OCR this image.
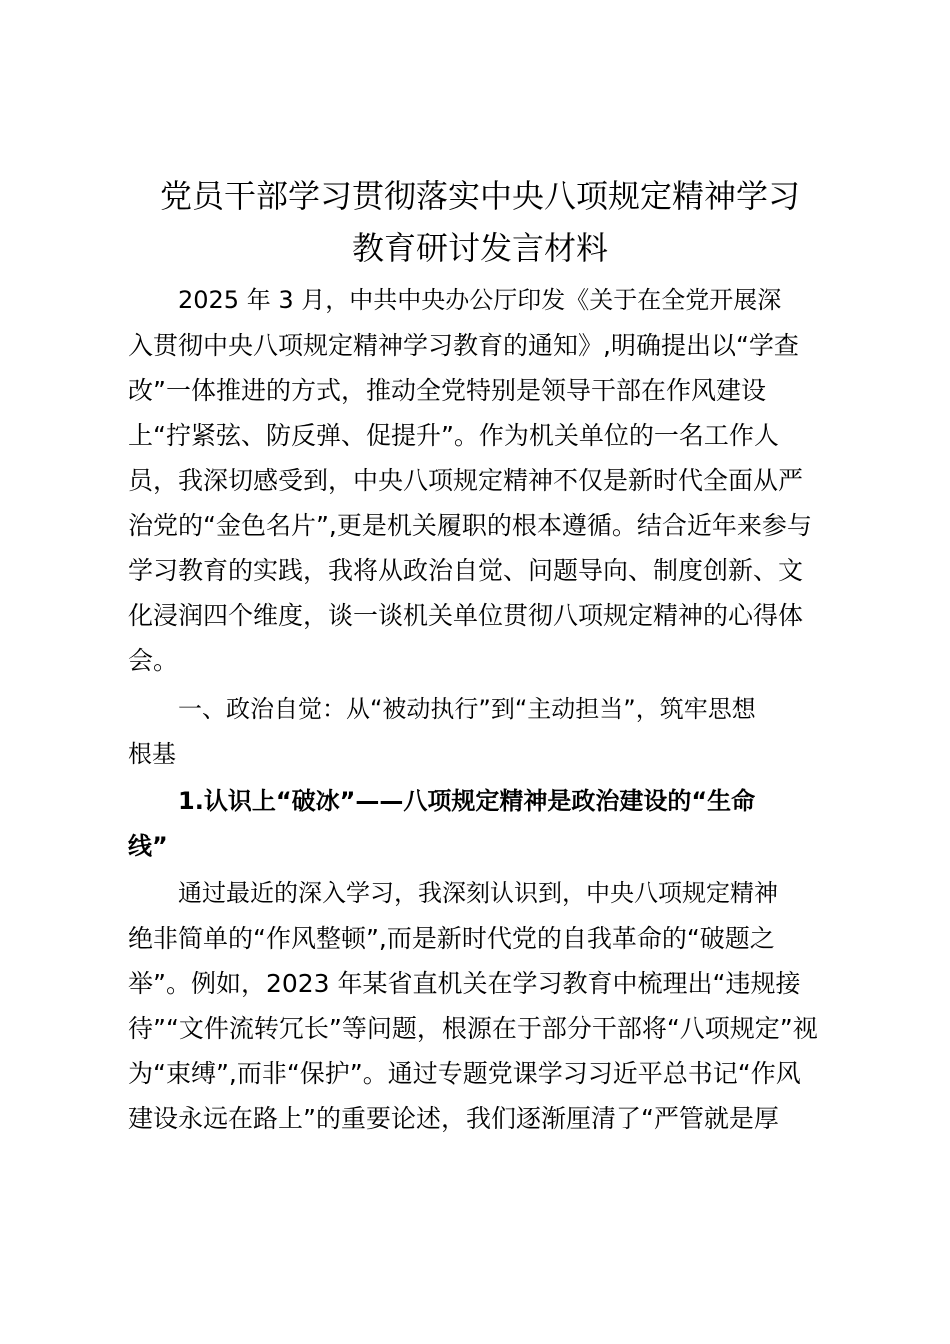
党员干部学习贯彻落实中央八项规定精神学习
教育研讨发言材料
2025 年 3 月，中共中央办公厅印发《关于在全党开展深
入贯彻中央八项规定精神学习教育的通知》,明确提出以“学查
改”一体推进的方式，推动全党特别是领导干部在作风建设
上“拧紧弦、防反弹、促提升”。作为机关单位的一名工作人
员，我深切感受到，中央八项规定精神不仅是新时代全面从严
治党的“金色名片”,更是机关履职的根本遵循。结合近年来参与
学习教育的实践，我将从政治自觉、问题导向、制度创新、文
化浸润四个维度，谈一谈机关单位贯彻八项规定精神的心得体
会。
一、政治自觉：从“被动执行”到“主动担当”，筑牢思想
根基
1.认识上“破冰”——八项规定精神是政治建设的“生命
线”
通过最近的深入学习，我深刻认识到，中央八项规定精神
绝非简单的“作风整顿”,而是新时代党的自我革命的“破题之
举”。例如，2023 年某省直机关在学习教育中梳理出“违规接
待”“文件流转冗长”等问题，根源在于部分干部将“八项规定”视
为“束缚”,而非“保护”。通过专题党课学习习近平总书记“作风
建设永远在路上”的重要论述，我们逐渐厘清了“严管就是厚
